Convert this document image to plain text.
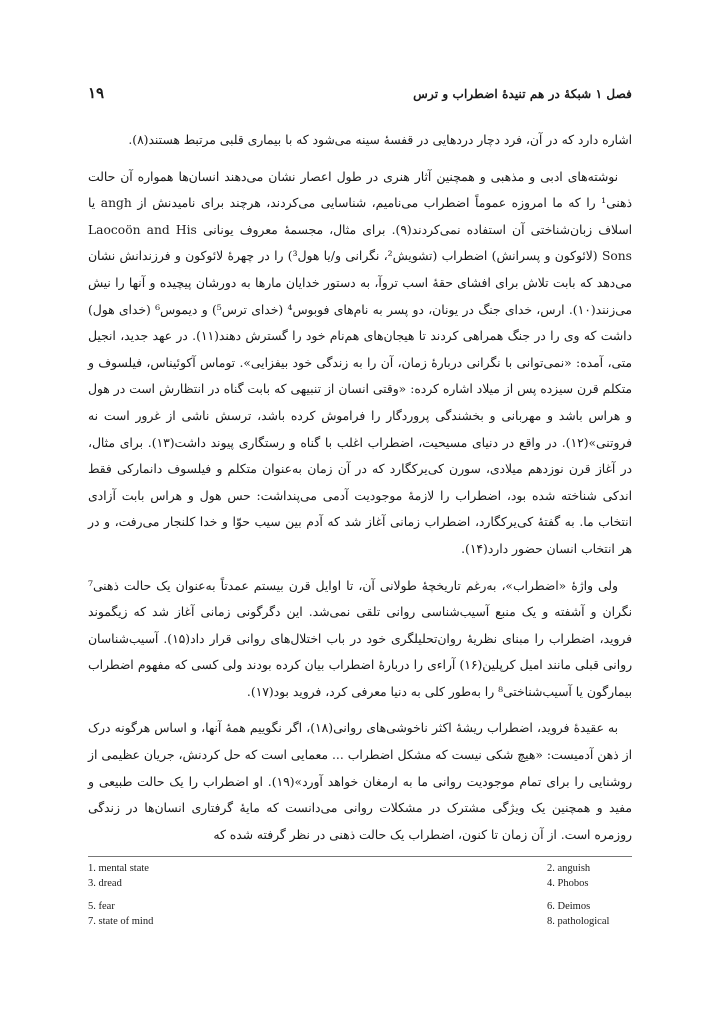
فصل ۱ شبکهٔ در هم تنیدهٔ اضطراب و ترس
۱۹

اشاره دارد که در آن، فرد دچار دردهایی در قفسهٔ سینه می‌شود که با بیماری قلبی مرتبط هستند(۸).

نوشته‌های ادبی و مذهبی و همچنین آثار هنری در طول اعصار نشان می‌دهند انسان‌ها همواره آن حالت ذهنی¹ را که ما امروزه عموماً اضطراب می‌نامیم، شناسایی می‌کردند، هرچند برای نامیدنش از angh یا اسلاف زبان‌شناختی آن استفاده نمی‌کردند(۹). برای مثال، مجسمهٔ معروف یونانی Laocoön and His Sons (لائوکون و پسرانش) اضطراب (تشویش²، نگرانی و/یا هول³) را در چهرهٔ لائوکون و فرزندانش نشان می‌دهد که بابت تلاش برای افشای حقهٔ اسب تروآ، به دستور خدایان مارها به دورشان پیچیده و آنها را نیش می‌زنند(۱۰). ارس، خدای جنگ در یونان، دو پسر به نام‌های فوبوس⁴ (خدای ترس⁵) و دیموس⁶ (خدای هول) داشت که وی را در جنگ همراهی کردند تا هیجان‌های هم‌نام خود را گسترش دهند(۱۱). در عهد جدید، انجیل متی، آمده: «نمی‌توانی با نگرانی دربارهٔ زمان، آن را به زندگی خود بیفزایی». توماس آکوئیناس، فیلسوف و متکلم قرن سیزده پس از میلاد اشاره کرده: «وقتی انسان از تنبیهی که بابت گناه در انتظارش است در هول و هراس باشد و مهربانی و بخشندگی پروردگار را فراموش کرده باشد، ترسش ناشی از غرور است نه فروتنی»(۱۲). در واقع در دنیای مسیحیت، اضطراب اغلب با گناه و رستگاری پیوند داشت(۱۳). برای مثال، در آغاز قرن نوزدهم میلادی، سورن کی‌یرکگارد که در آن زمان به‌عنوان متکلم و فیلسوف دانمارکی فقط اندکی شناخته شده بود، اضطراب را لازمهٔ موجودیت آدمی می‌پنداشت: حس هول و هراس بابت آزادی انتخاب ما. به گفتهٔ کی‌یرکگارد، اضطراب زمانی آغاز شد که آدم بین سیب حوّا و خدا کلنجار می‌رفت، و در هر انتخاب انسان حضور دارد(۱۴).

ولی واژهٔ «اضطراب»، به‌رغم تاریخچهٔ طولانی آن، تا اوایل قرن بیستم عمدتاً به‌عنوان یک حالت ذهنی⁷ نگران و آشفته و یک منبع آسیب‌شناسی روانی تلقی نمی‌شد. این دگرگونی زمانی آغاز شد که زیگموند فروید، اضطراب را مبنای نظریهٔ روان‌تحلیلگری خود در باب اختلال‌های روانی قرار داد(۱۵). آسیب‌شناسان روانی قبلی مانند امیل کرپلین(۱۶) آراءی را دربارهٔ اضطراب بیان کرده بودند ولی کسی که مفهوم اضطراب بیمارگون یا آسیب‌شناختی⁸ را به‌طور کلی به دنیا معرفی کرد، فروید بود(۱۷).

به عقیدهٔ فروید، اضطراب ریشهٔ اکثر ناخوشی‌های روانی(۱۸)، اگر نگوییم همهٔ آنها، و اساس هرگونه درک از ذهن آدمیست: «هیچ شکی نیست که مشکل اضطراب ... معمایی است که حل کردنش، جریان عظیمی از روشنایی را برای تمام موجودیت روانی ما به ارمغان خواهد آورد»(۱۹). او اضطراب را یک حالت طبیعی و مفید و همچنین یک ویژگی مشترک در مشکلات روانی می‌دانست که مایهٔ گرفتاری انسان‌ها در زندگی روزمره است. از آن زمان تا کنون، اضطراب یک حالت ذهنی در نظر گرفته شده که

1. mental state	2. anguish
3. dread	4. Phobos
5. fear	6. Deimos
7. state of mind	8. pathological
